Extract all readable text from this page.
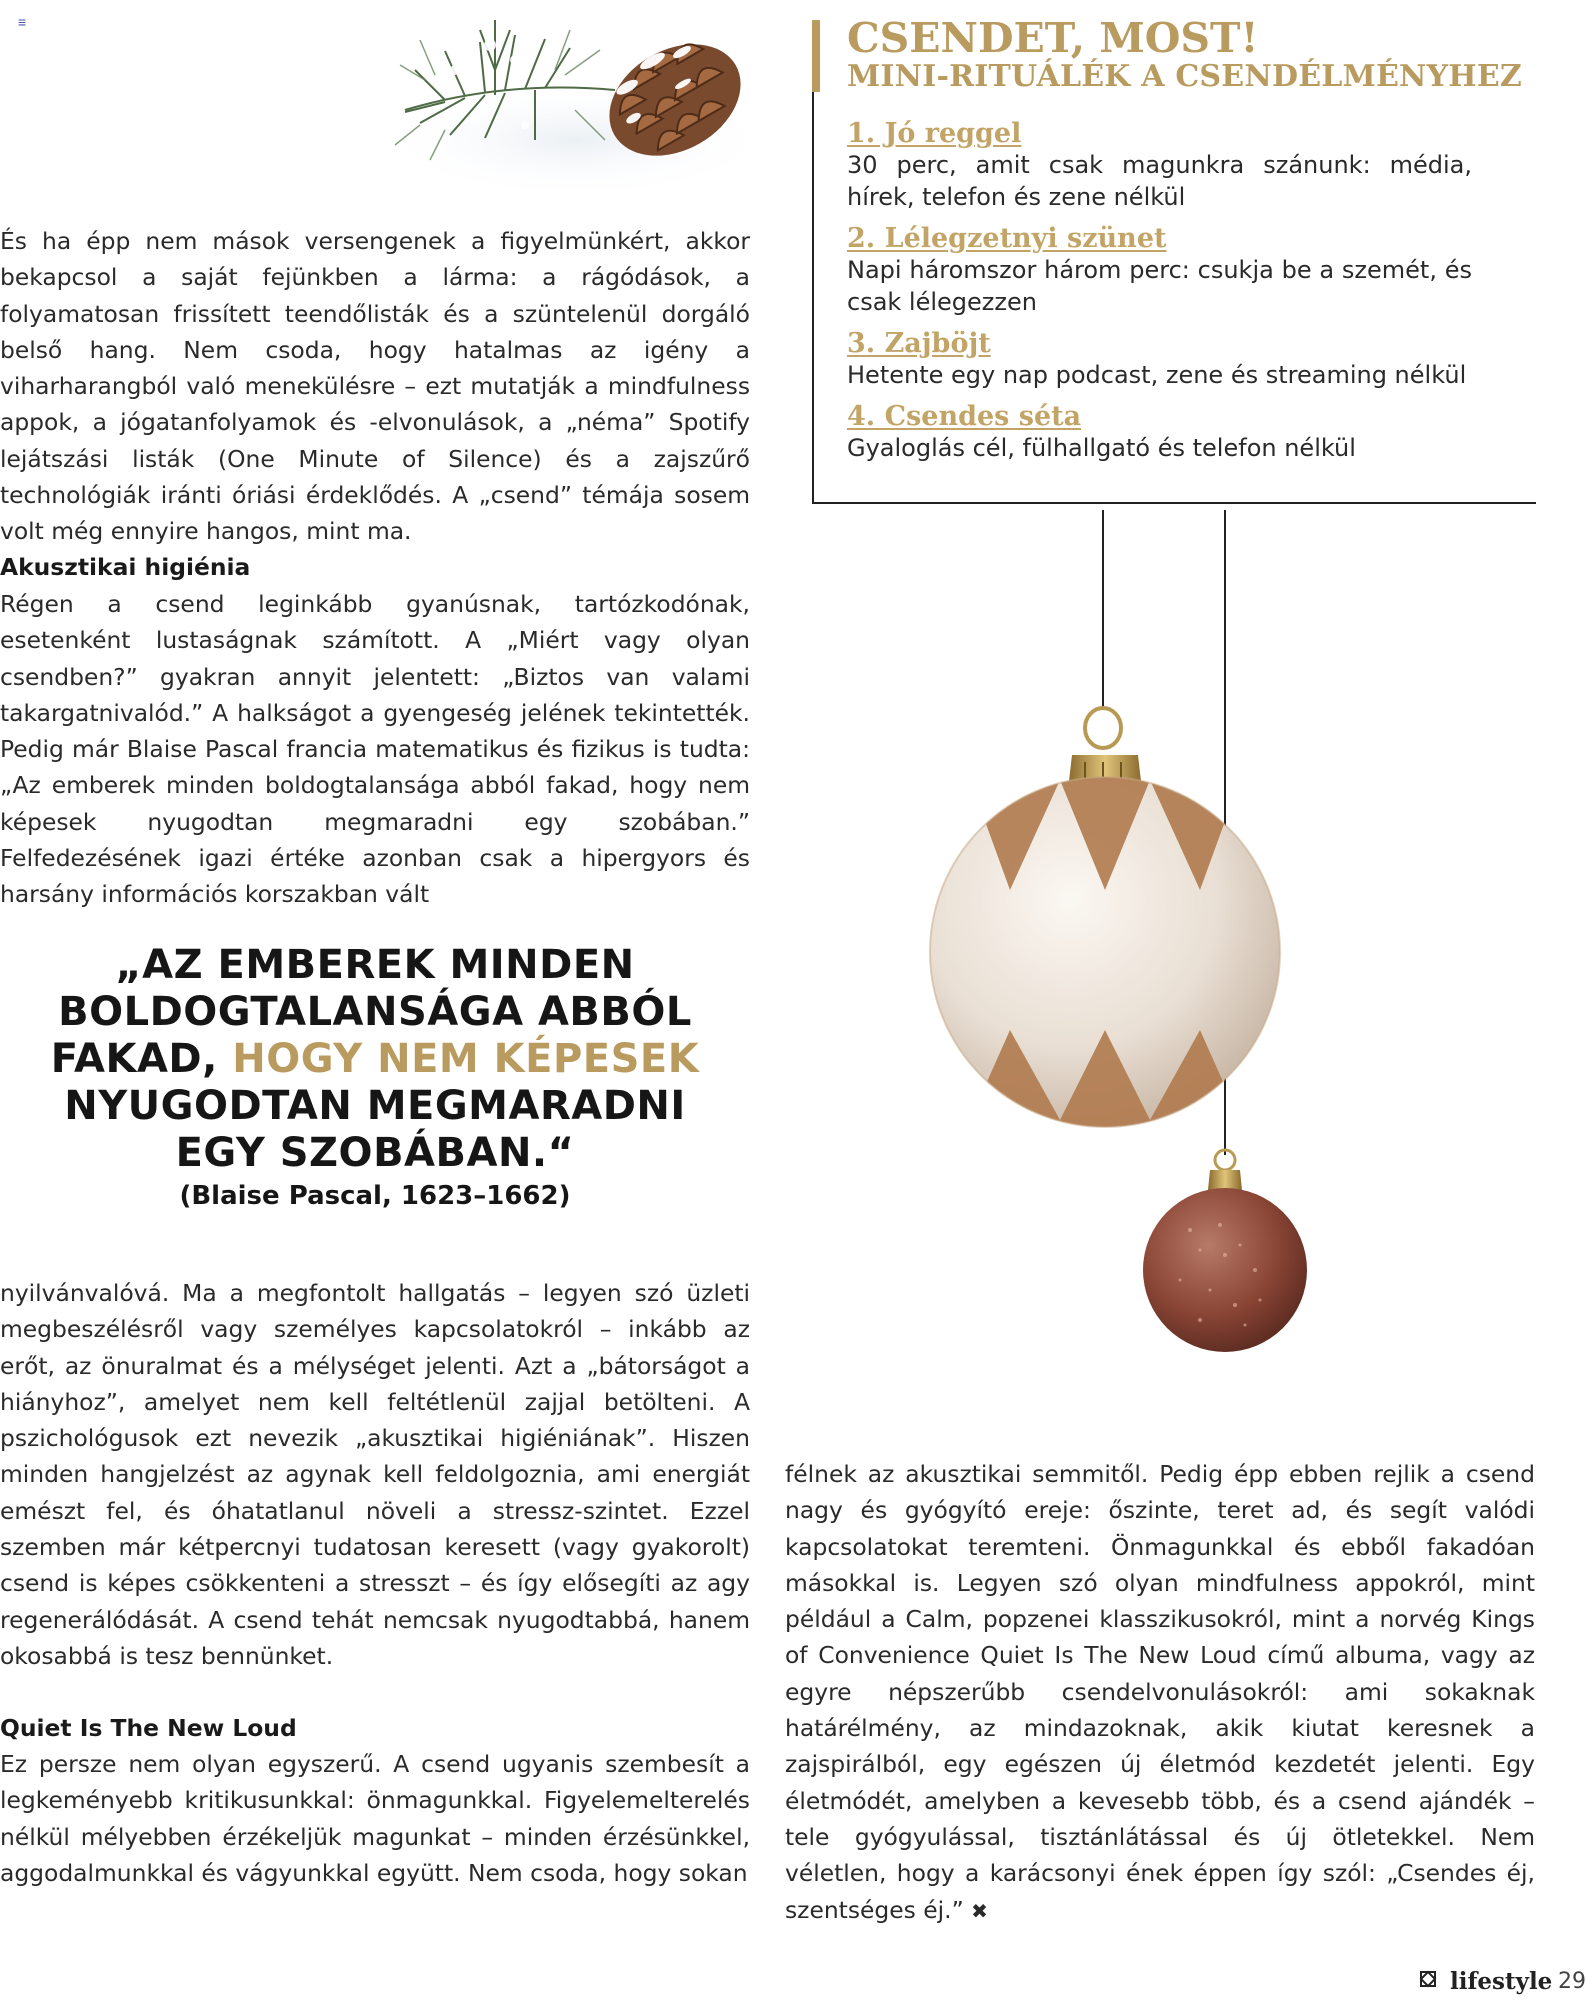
≡

És ha épp nem mások versengenek a figyelmünkért, akkor bekapcsol a saját fejünkben a lárma: a rágódások, a folyamatosan frissített teendőlisták és a szüntelenül dorgáló belső hang. Nem csoda, hogy hatalmas az igény a viharharangból való menekülésre – ezt mutatják a mindfulness appok, a jógatanfolyamok és -elvonulások, a „néma” Spotify lejátszási listák (One Minute of Silence) és a zajszűrő technológiák iránti óriási érdeklődés. A „csend” témája sosem volt még ennyire hangos, mint ma.

Akusztikai higiénia

Régen a csend leginkább gyanúsnak, tartózkodónak, esetenként lustaságnak számított. A „Miért vagy olyan csendben?” gyakran annyit jelentett: „Biztos van valami takargatnivalód.” A halkságot a gyengeség jelének tekintették. Pedig már Blaise Pascal francia matematikus és fizikus is tudta: „Az emberek minden boldogtalansága abból fakad, hogy nem képesek nyugodtan megmaradni egy szobában.” Felfedezésének igazi értéke azonban csak a hipergyors és harsány információs korszakban vált

„AZ EMBEREK MINDEN

BOLDOGTALANSÁGA ABBÓL

FAKAD, HOGY NEM KÉPESEK

NYUGODTAN MEGMARADNI

EGY SZOBÁBAN.“

(Blaise Pascal, 1623–1662)

nyilvánvalóvá. Ma a megfontolt hallgatás – legyen szó üzleti megbeszélésről vagy személyes kapcsolatokról – inkább az erőt, az önuralmat és a mélységet jelenti. Azt a „bátorságot a hiányhoz”, amelyet nem kell feltétlenül zajjal betölteni. A pszichológusok ezt nevezik „akusztikai higiéniának”. Hiszen minden hangjelzést az agynak kell feldolgoznia, ami energiát emészt fel, és óhatatlanul növeli a stressz-szintet. Ezzel szemben már kétpercnyi tudatosan keresett (vagy gyakorolt) csend is képes csökkenteni a stresszt – és így elősegíti az agy regenerálódását. A csend tehát nemcsak nyugodtabbá, hanem okosabbá is tesz bennünket.

Quiet Is The New Loud

Ez persze nem olyan egyszerű. A csend ugyanis szembesít a legkeményebb kritikusunkkal: önmagunkkal. Figyelemelterelés nélkül mélyebben érzékeljük magunkat – minden érzésünkkel, aggodalmunkkal és vágyunkkal együtt. Nem csoda, hogy sokan

CSENDET, MOST!

MINI-RITUÁLÉK A CSENDÉLMÉNYHEZ

1. Jó reggel

30 perc, amit csak magunkra szánunk: média, hírek, telefon és zene nélkül

2. Lélegzetnyi szünet

Napi háromszor három perc: csukja be a szemét, és csak lélegezzen

3. Zajböjt

Hetente egy nap podcast, zene és streaming nélkül

4. Csendes séta

Gyaloglás cél, fülhallgató és telefon nélkül

félnek az akusztikai semmitől. Pedig épp ebben rejlik a csend nagy és gyógyító ereje: őszinte, teret ad, és segít valódi kapcsolatokat teremteni. Önmagunkkal és ebből fakadóan másokkal is. Legyen szó olyan mindfulness appokról, mint például a Calm, popzenei klasszikusokról, mint a norvég Kings of Convenience Quiet Is The New Loud című albuma, vagy az egyre népszerűbb csendelvonulásokról: ami sokaknak határélmény, az mindazoknak, akik kiutat keresnek a zajspirálból, egy egészen új életmód kezdetét jelenti. Egy életmódét, amelyben a kevesebb több, és a csend ajándék – tele gyógyulással, tisztánlátással és új ötletekkel. Nem véletlen, hogy a karácsonyi ének éppen így szól: „Csendes éj, szentséges éj.” ✖

lifestyle 29
